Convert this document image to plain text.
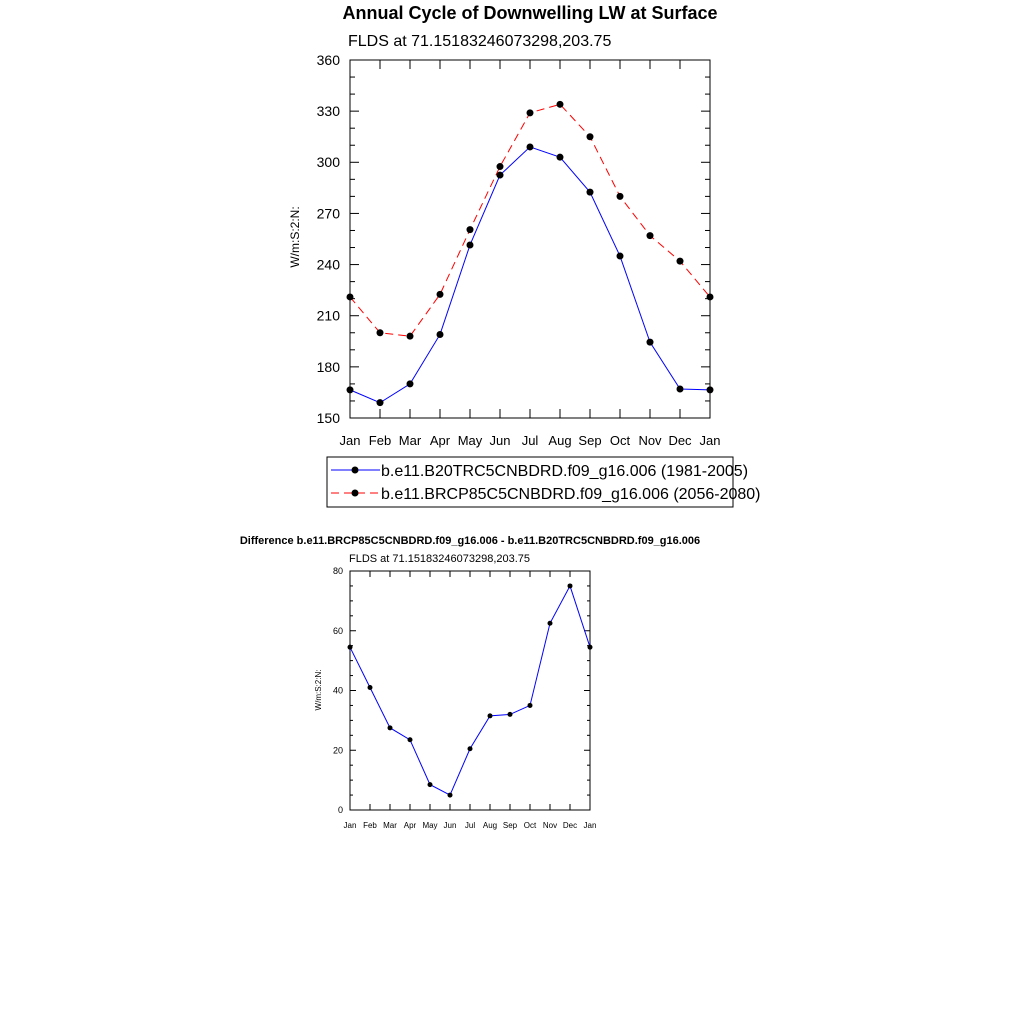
Annual Cycle of Downwelling LW at Surface
FLDS at 71.15183246073298,203.75
W/m:S:2:N:
150
180
210
240
270
300
330
360
Jan Feb Mar Apr May Jun Jul Aug Sep Oct Nov Dec Jan
b.e11.B20TRC5CNBDRD.f09_g16.006 (1981-2005)
b.e11.BRCP85C5CNBDRD.f09_g16.006 (2056-2080)
Difference b.e11.BRCP85C5CNBDRD.f09_g16.006 - b.e11.B20TRC5CNBDRD.f09_g16.006
FLDS at 71.15183246073298,203.75
W/m:S:2:N:
0
20
40
60
80
Jan Feb Mar Apr May Jun Jul Aug Sep Oct Nov Dec Jan
